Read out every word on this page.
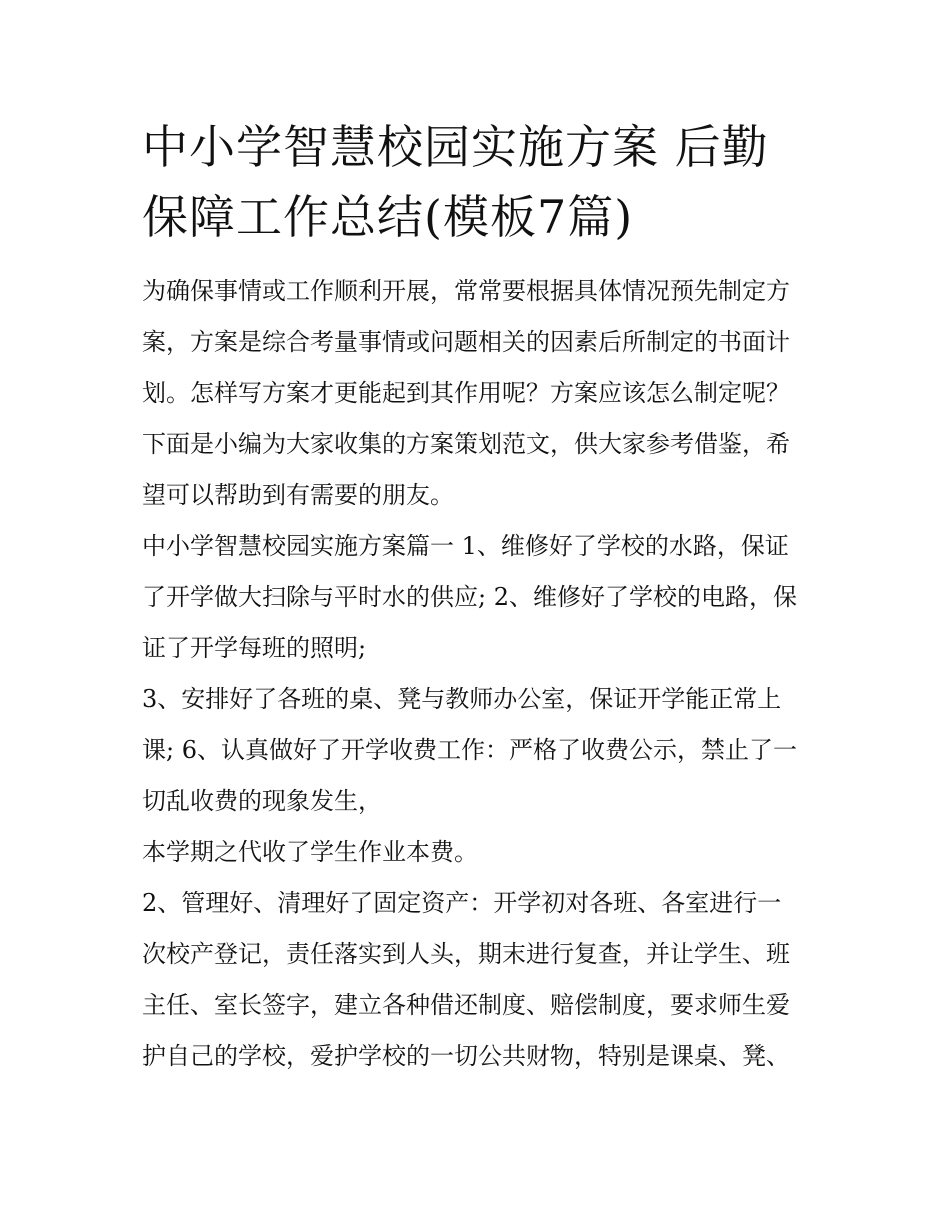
中小学智慧校园实施方案 后勤
保障工作总结(模板7篇)

为确保事情或工作顺利开展，常常要根据具体情况预先制定方
案，方案是综合考量事情或问题相关的因素后所制定的书面计
划。怎样写方案才更能起到其作用呢？方案应该怎么制定呢？
下面是小编为大家收集的方案策划范文，供大家参考借鉴，希
望可以帮助到有需要的朋友。

中小学智慧校园实施方案篇一 1、维修好了学校的水路，保证
了开学做大扫除与平时水的供应; 2、维修好了学校的电路，保
证了开学每班的照明;

3、安排好了各班的桌、凳与教师办公室，保证开学能正常上
课; 6、认真做好了开学收费工作：严格了收费公示，禁止了一
切乱收费的现象发生，

本学期之代收了学生作业本费。

2、管理好、清理好了固定资产：开学初对各班、各室进行一
次校产登记，责任落实到人头，期末进行复查，并让学生、班
主任、室长签字，建立各种借还制度、赔偿制度，要求师生爱
护自己的学校，爱护学校的一切公共财物，特别是课桌、凳、
